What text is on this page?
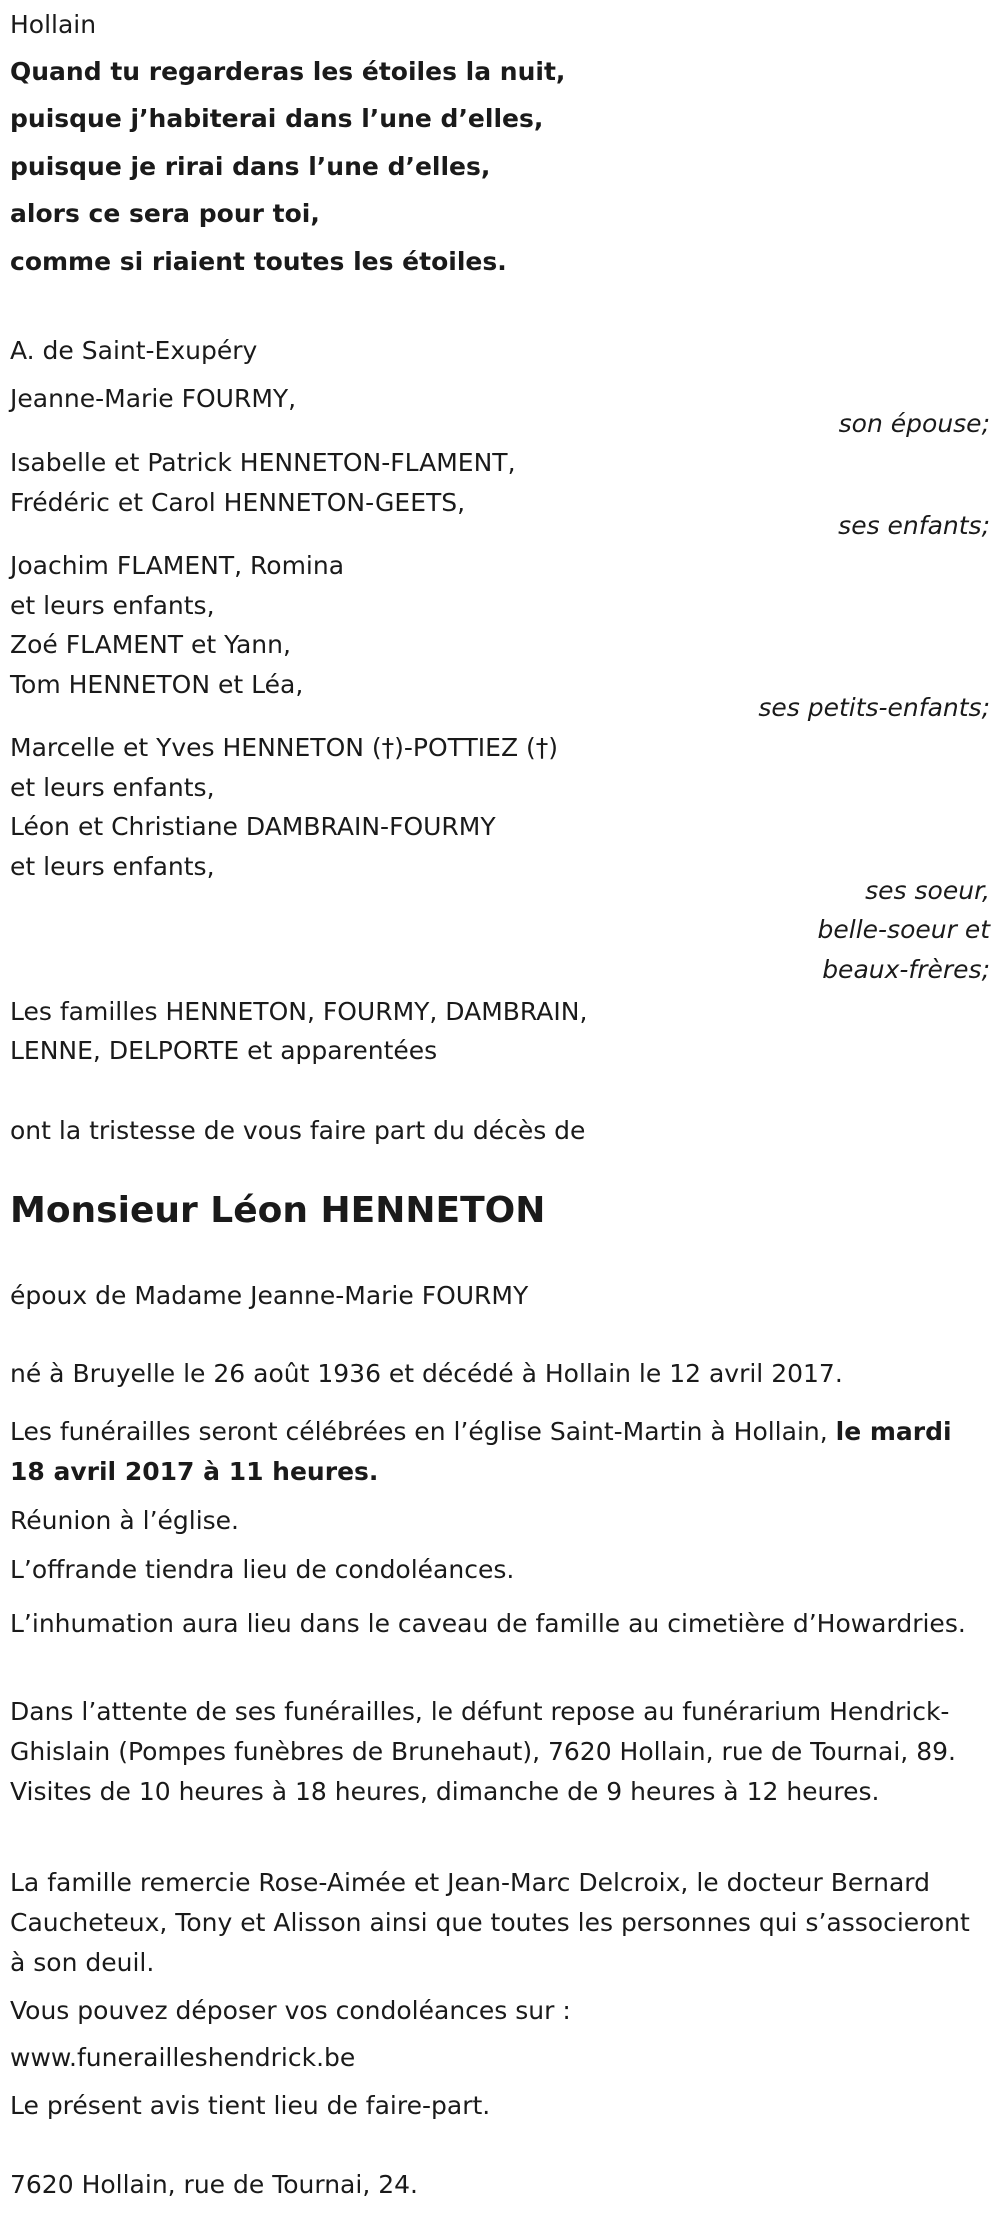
Hollain
Quand tu regarderas les étoiles la nuit,
puisque j’habiterai dans l’une d’elles,
puisque je rirai dans l’une d’elles,
alors ce sera pour toi,
comme si riaient toutes les étoiles.
A. de Saint-Exupéry
Jeanne-Marie FOURMY,
son épouse;
Isabelle et Patrick HENNETON-FLAMENT,
Frédéric et Carol HENNETON-GEETS,
ses enfants;
Joachim FLAMENT, Romina
et leurs enfants,
Zoé FLAMENT et Yann,
Tom HENNETON et Léa,
ses petits-enfants;
Marcelle et Yves HENNETON (†)-POTTIEZ (†)
et leurs enfants,
Léon et Christiane DAMBRAIN-FOURMY
et leurs enfants,
ses soeur,
belle-soeur et
beaux-frères;
Les familles HENNETON, FOURMY, DAMBRAIN,
LENNE, DELPORTE et apparentées
ont la tristesse de vous faire part du décès de
Monsieur Léon HENNETON
époux de Madame Jeanne-Marie FOURMY
né à Bruyelle le 26 août 1936 et décédé à Hollain le 12 avril 2017.
Les funérailles seront célébrées en l’église Saint-Martin à Hollain, le mardi 18 avril 2017 à 11 heures.
Réunion à l’église.
L’offrande tiendra lieu de condoléances.
L’inhumation aura lieu dans le caveau de famille au cimetière d’Howardries.
Dans l’attente de ses funérailles, le défunt repose au funérarium Hendrick-Ghislain (Pompes funèbres de Brunehaut), 7620 Hollain, rue de Tournai, 89. Visites de 10 heures à 18 heures, dimanche de 9 heures à 12 heures.
La famille remercie Rose-Aimée et Jean-Marc Delcroix, le docteur Bernard Caucheteux, Tony et Alisson ainsi que toutes les personnes qui s’associeront à son deuil.
Vous pouvez déposer vos condoléances sur :
www.funerailleshendrick.be
Le présent avis tient lieu de faire-part.
7620 Hollain, rue de Tournai, 24.
